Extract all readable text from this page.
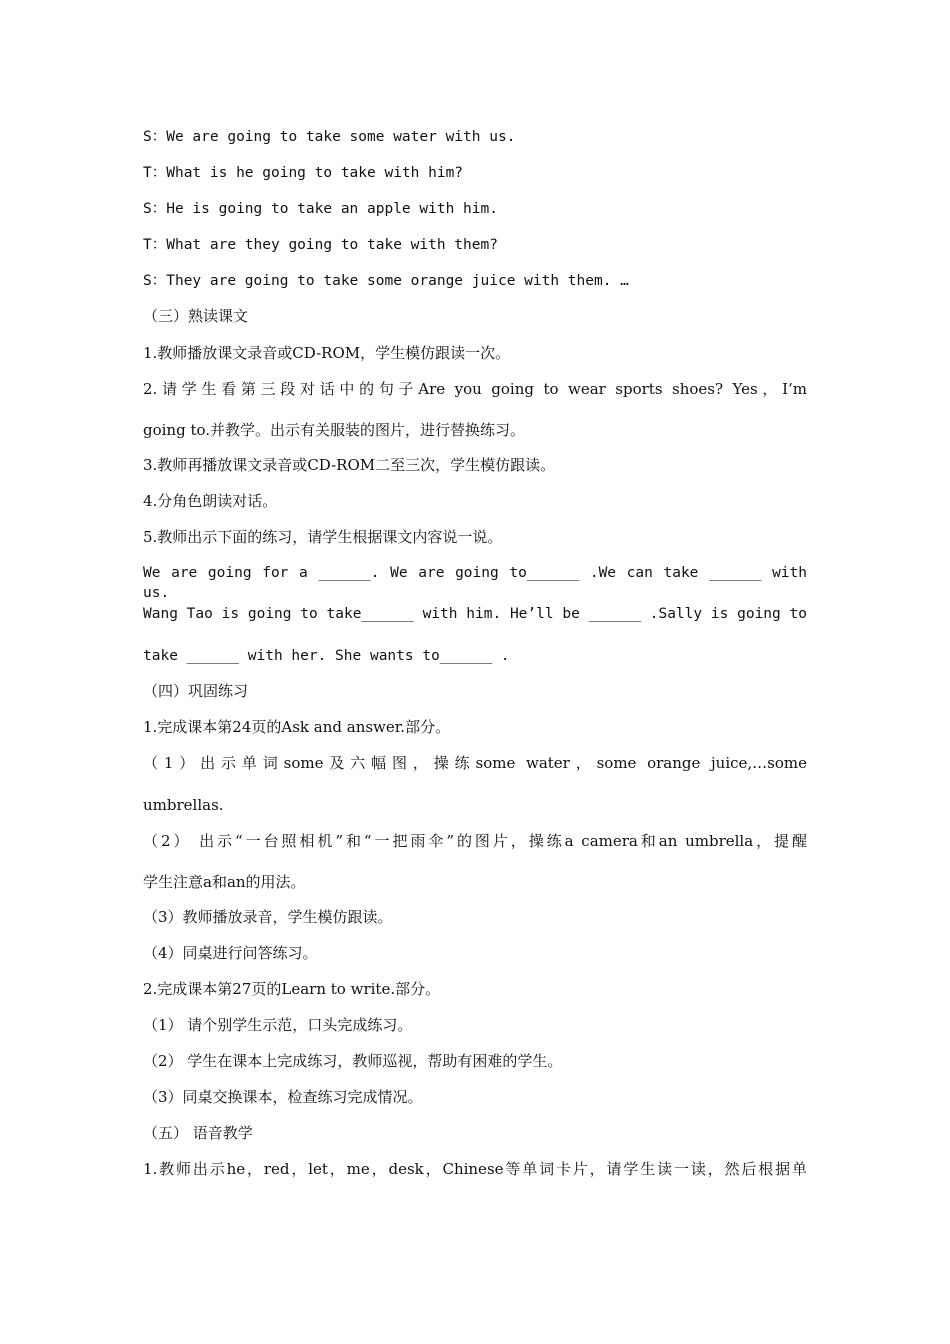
S：We are going to take some water with us.
T：What is he going to take with him?
S：He is going to take an apple with him.
T：What are they going to take with them?
S：They are going to take some orange juice with them. …
（三）熟读课文
1.教师播放课文录音或CD-ROM，学生模仿跟读一次。
2.请学生看第三段对话中的句子Are you going to wear sports shoes? Yes，I’m
going to.并教学。出示有关服装的图片，进行替换练习。
3.教师再播放课文录音或CD-ROM二至三次，学生模仿跟读。
4.分角色朗读对话。
5.教师出示下面的练习，请学生根据课文内容说一说。
We are going for a ______. We are going to______ .We can take ______ with us.
Wang Tao is going to take______ with him. He’ll be ______ .Sally is going to
take ______ with her. She wants to______ .
（四）巩固练习
1.完成课本第24页的Ask and answer.部分。
（1）出示单词some及六幅图，操练some water，some orange juice,…some
umbrellas.
（2） 出示“一台照相机”和“一把雨伞”的图片，操练a camera和an umbrella，提醒
学生注意a和an的用法。
（3）教师播放录音，学生模仿跟读。
（4）同桌进行问答练习。
2.完成课本第27页的Learn to write.部分。
（1） 请个别学生示范，口头完成练习。
（2） 学生在课本上完成练习，教师巡视，帮助有困难的学生。
（3）同桌交换课本，检查练习完成情况。
（五） 语音教学
1.教师出示he，red，let，me，desk，Chinese等单词卡片，请学生读一读，然后根据单
